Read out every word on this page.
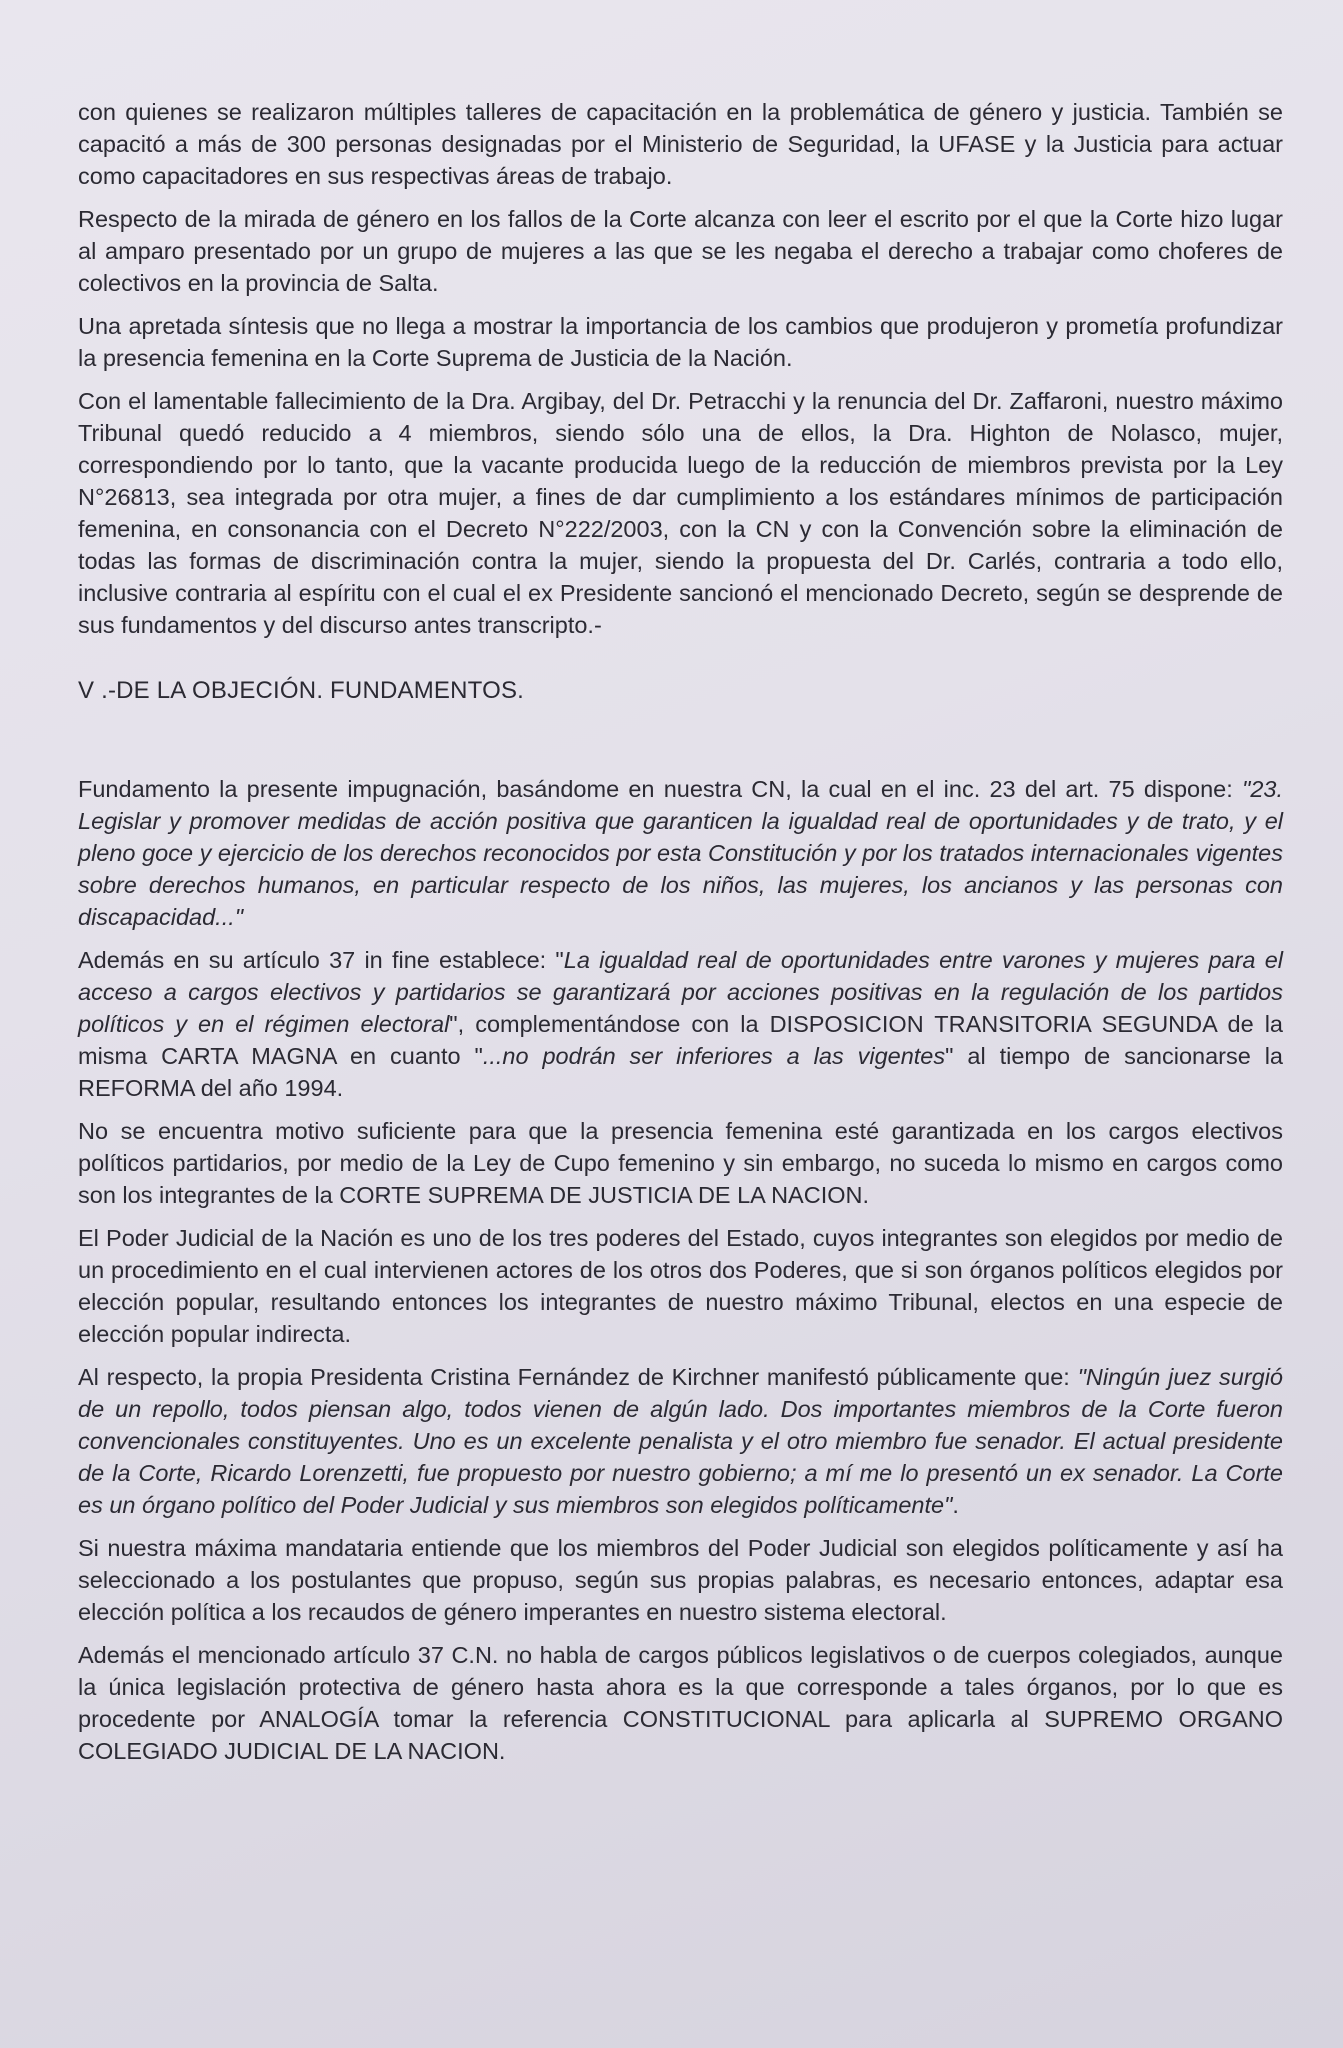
con quienes se realizaron múltiples talleres de capacitación en la problemática de género y justicia. También se capacitó a más de 300 personas designadas por el Ministerio de Seguridad, la UFASE y la Justicia para actuar como capacitadores en sus respectivas áreas de trabajo.

Respecto de la mirada de género en los fallos de la Corte alcanza con leer el escrito por el que la Corte hizo lugar al amparo presentado por un grupo de mujeres a las que se les negaba el derecho a trabajar como choferes de colectivos en la provincia de Salta.

Una apretada síntesis que no llega a mostrar la importancia de los cambios que produjeron y prometía profundizar la presencia femenina en la Corte Suprema de Justicia de la Nación.

Con el lamentable fallecimiento de la Dra. Argibay, del Dr. Petracchi y la renuncia del Dr. Zaffaroni, nuestro máximo Tribunal quedó reducido a 4 miembros, siendo sólo una de ellos, la Dra. Highton de Nolasco, mujer, correspondiendo por lo tanto, que la vacante producida luego de la reducción de miembros prevista por la Ley N°26813, sea integrada por otra mujer, a fines de dar cumplimiento a los estándares mínimos de participación femenina, en consonancia con el Decreto N°222/2003, con la CN y con la Convención sobre la eliminación de todas las formas de discriminación contra la mujer, siendo la propuesta del Dr. Carlés, contraria a todo ello, inclusive contraria al espíritu con el cual el ex Presidente sancionó el mencionado Decreto, según se desprende de sus fundamentos y del discurso antes transcripto.-

V .-DE LA OBJECIÓN. FUNDAMENTOS.

Fundamento la presente impugnación, basándome en nuestra CN, la cual en el inc. 23 del art. 75 dispone: "23. Legislar y promover medidas de acción positiva que garanticen la igualdad real de oportunidades y de trato, y el pleno goce y ejercicio de los derechos reconocidos por esta Constitución y por los tratados internacionales vigentes sobre derechos humanos, en particular respecto de los niños, las mujeres, los ancianos y las personas con discapacidad..."

Además en su artículo 37 in fine establece: "La igualdad real de oportunidades entre varones y mujeres para el acceso a cargos electivos y partidarios se garantizará por acciones positivas en la regulación de los partidos políticos y en el régimen electoral", complementándose con la DISPOSICION TRANSITORIA SEGUNDA de la misma CARTA MAGNA en cuanto "...no podrán ser inferiores a las vigentes" al tiempo de sancionarse la REFORMA del año 1994.

No se encuentra motivo suficiente para que la presencia femenina esté garantizada en los cargos electivos políticos partidarios, por medio de la Ley de Cupo femenino y sin embargo, no suceda lo mismo en cargos como son los integrantes de la CORTE SUPREMA DE JUSTICIA DE LA NACION.

El Poder Judicial de la Nación es uno de los tres poderes del Estado, cuyos integrantes son elegidos por medio de un procedimiento en el cual intervienen actores de los otros dos Poderes, que si son órganos políticos elegidos por elección popular, resultando entonces los integrantes de nuestro máximo Tribunal, electos en una especie de elección popular indirecta.

Al respecto, la propia Presidenta Cristina Fernández de Kirchner manifestó públicamente que: "Ningún juez surgió de un repollo, todos piensan algo, todos vienen de algún lado. Dos importantes miembros de la Corte fueron convencionales constituyentes. Uno es un excelente penalista y el otro miembro fue senador. El actual presidente de la Corte, Ricardo Lorenzetti, fue propuesto por nuestro gobierno; a mí me lo presentó un ex senador. La Corte es un órgano político del Poder Judicial y sus miembros son elegidos políticamente".

Si nuestra máxima mandataria entiende que los miembros del Poder Judicial son elegidos políticamente y así ha seleccionado a los postulantes que propuso, según sus propias palabras, es necesario entonces, adaptar esa elección política a los recaudos de género imperantes en nuestro sistema electoral.

Además el mencionado artículo 37 C.N. no habla de cargos públicos legislativos o de cuerpos colegiados, aunque la única legislación protectiva de género hasta ahora es la que corresponde a tales órganos, por lo que es procedente por ANALOGÍA tomar la referencia CONSTITUCIONAL para aplicarla al SUPREMO ORGANO COLEGIADO JUDICIAL DE LA NACION.
